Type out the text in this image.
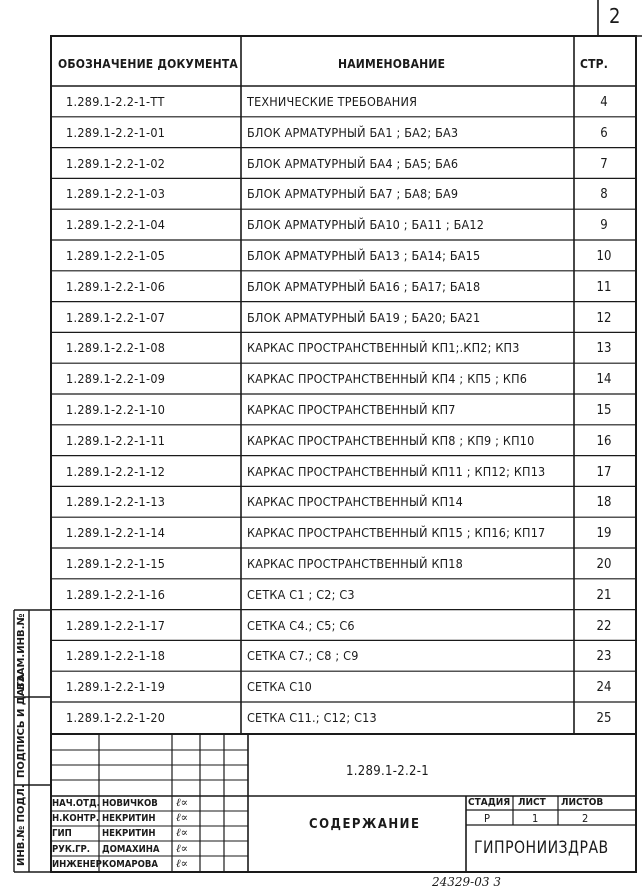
2
ОБОЗНАЧЕНИЕ ДОКУМЕНТА	НАИМЕНОВАНИЕ	СТР.
1.289.1-2.2-1-ТТ	ТЕХНИЧЕСКИЕ ТРЕБОВАНИЯ	4
1.289.1-2.2-1-01	БЛОК АРМАТУРНЫЙ БА1 ; БА2; БА3	6
1.289.1-2.2-1-02	БЛОК АРМАТУРНЫЙ БА4 ; БА5; БА6	7
1.289.1-2.2-1-03	БЛОК АРМАТУРНЫЙ БА7 ; БА8; БА9	8
1.289.1-2.2-1-04	БЛОК АРМАТУРНЫЙ БА10 ; БА11 ; БА12	9
1.289.1-2.2-1-05	БЛОК АРМАТУРНЫЙ БА13 ; БА14; БА15	10
1.289.1-2.2-1-06	БЛОК АРМАТУРНЫЙ БА16 ; БА17; БА18	11
1.289.1-2.2-1-07	БЛОК АРМАТУРНЫЙ БА19 ; БА20; БА21	12
1.289.1-2.2-1-08	КАРКАС ПРОСТРАНСТВЕННЫЙ КП1;.КП2; КП3	13
1.289.1-2.2-1-09	КАРКАС ПРОСТРАНСТВЕННЫЙ КП4 ; КП5 ; КП6	14
1.289.1-2.2-1-10	КАРКАС ПРОСТРАНСТВЕННЫЙ КП7	15
1.289.1-2.2-1-11	КАРКАС ПРОСТРАНСТВЕННЫЙ КП8 ; КП9 ; КП10	16
1.289.1-2.2-1-12	КАРКАС ПРОСТРАНСТВЕННЫЙ КП11 ; КП12; КП13	17
1.289.1-2.2-1-13	КАРКАС ПРОСТРАНСТВЕННЫЙ КП14	18
1.289.1-2.2-1-14	КАРКАС ПРОСТРАНСТВЕННЫЙ КП15 ; КП16; КП17	19
1.289.1-2.2-1-15	КАРКАС ПРОСТРАНСТВЕННЫЙ КП18	20
1.289.1-2.2-1-16	СЕТКА С1 ; С2; С3	21
1.289.1-2.2-1-17	СЕТКА С4.; С5; С6	22
1.289.1-2.2-1-18	СЕТКА С7.; С8 ; С9	23
1.289.1-2.2-1-19	СЕТКА С10	24
1.289.1-2.2-1-20	СЕТКА С11.; С12; С13	25
ВЗАМ.ИНВ.№
ПОДПИСЬ И ДАТА
ИНВ.№ ПОДЛ.
1.289.1-2.2-1
СОДЕРЖАНИЕ
СТАДИЯ ЛИСТ ЛИСТОВ
Р	1	2
ГИПРОНИИЗДРАВ
НАЧ.ОТД. НОВИЧКОВ ℓ∝
Н.КОНТР. НЕКРИТИН ℓ∝
ГИП	НЕКРИТИН ℓ∝
РУК.ГР. ДОМАХИНА ℓ∝
ИНЖЕНЕР КОМАРОВА ℓ∝
24329-03 3
